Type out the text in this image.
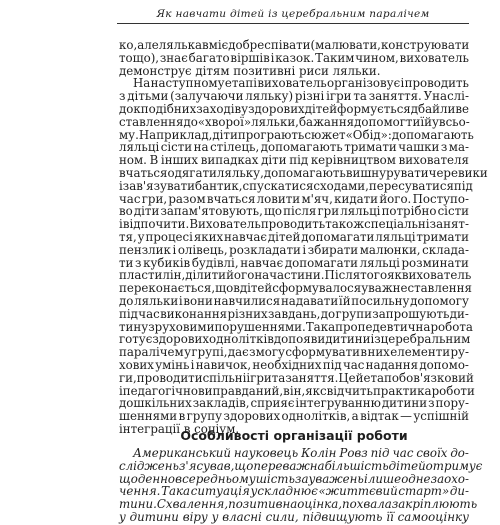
Як навчати дітей із церебральним паралічем
ко, але лялька вміє добре співати (малювати, конструювати
тощо), знає багато віршів і казок. Таким чином, вихователь
демонструє дітям позитивні риси ляльки.
На наступному етапі вихователь організовує і проводить
з дітьми (залучаючи ляльку) різні ігри та заняття. Унаслі-
док подібних заходів у здорових дітей формується дбайливе
ставлення до «хворої» ляльки, бажання допомогти їй у всьо-
му. Наприклад, діти програють сюжет «Обід»: допомагають
ляльці сісти на стілець, допомагають тримати чашки з ма-
ном. В інших випадках діти під керівництвом вихователя
вчаться одягати ляльку, допомагають вишнурувати черевики
і зав'язувати бантик, спускатися сходами, пересуватися під
час гри, разом вчаться ловити м'яч, кидати його. Поступо-
во діти запам'ятовують, що після гри ляльці потрібно сісти
і відпочити. Вихователь проводить також спеціальні занят-
тя, у процесі яких навчає дітей допомагати ляльці тримати
пензлик і олівець, розкладати і збирати малюнки, склада-
ти з кубиків будівлі, навчає допомагати ляльці розминати
пластилін, ділити його на частини. Після того як вихователь
переконається, що в дітей сформувалося уважне ставлення
до ляльки і вони навчилися надавати їй посильну допомогу
під час виконання різних завдань, до групи запрошують ди-
тину з руховими порушеннями. Така пропедевтична робота
готує здорових однолітків до появи дитини із церебральним
паралічем у групі, дає змогу сформувати в них елементи ру-
хових умінь і навичок, необхідних під час надання допомо-
ги, проводити спільні ігри та заняття. Цей етап обов'язковий
і педагогічно виправданий, він, як свідчить практика роботи
дошкільних закладів, сприяє інтегруванню дитини з пору-
шеннями в групу здорових однолітків, а відтак — успішній
інтеграції в соціум.
Особливості організації роботи
Американський науковець Колін Ровз під час своїх до-
сліджень з'ясував, що переважна більшість дітей отримує
щоденно в середньому шість зауважень і лише одне заохо-
чення. Така ситуація ускладнює «життєвий старт» ди-
тини. Схвалення, позитивна оцінка, похвала закріплюють
у дитини віру у власні сили, підвищують її самооцінку
